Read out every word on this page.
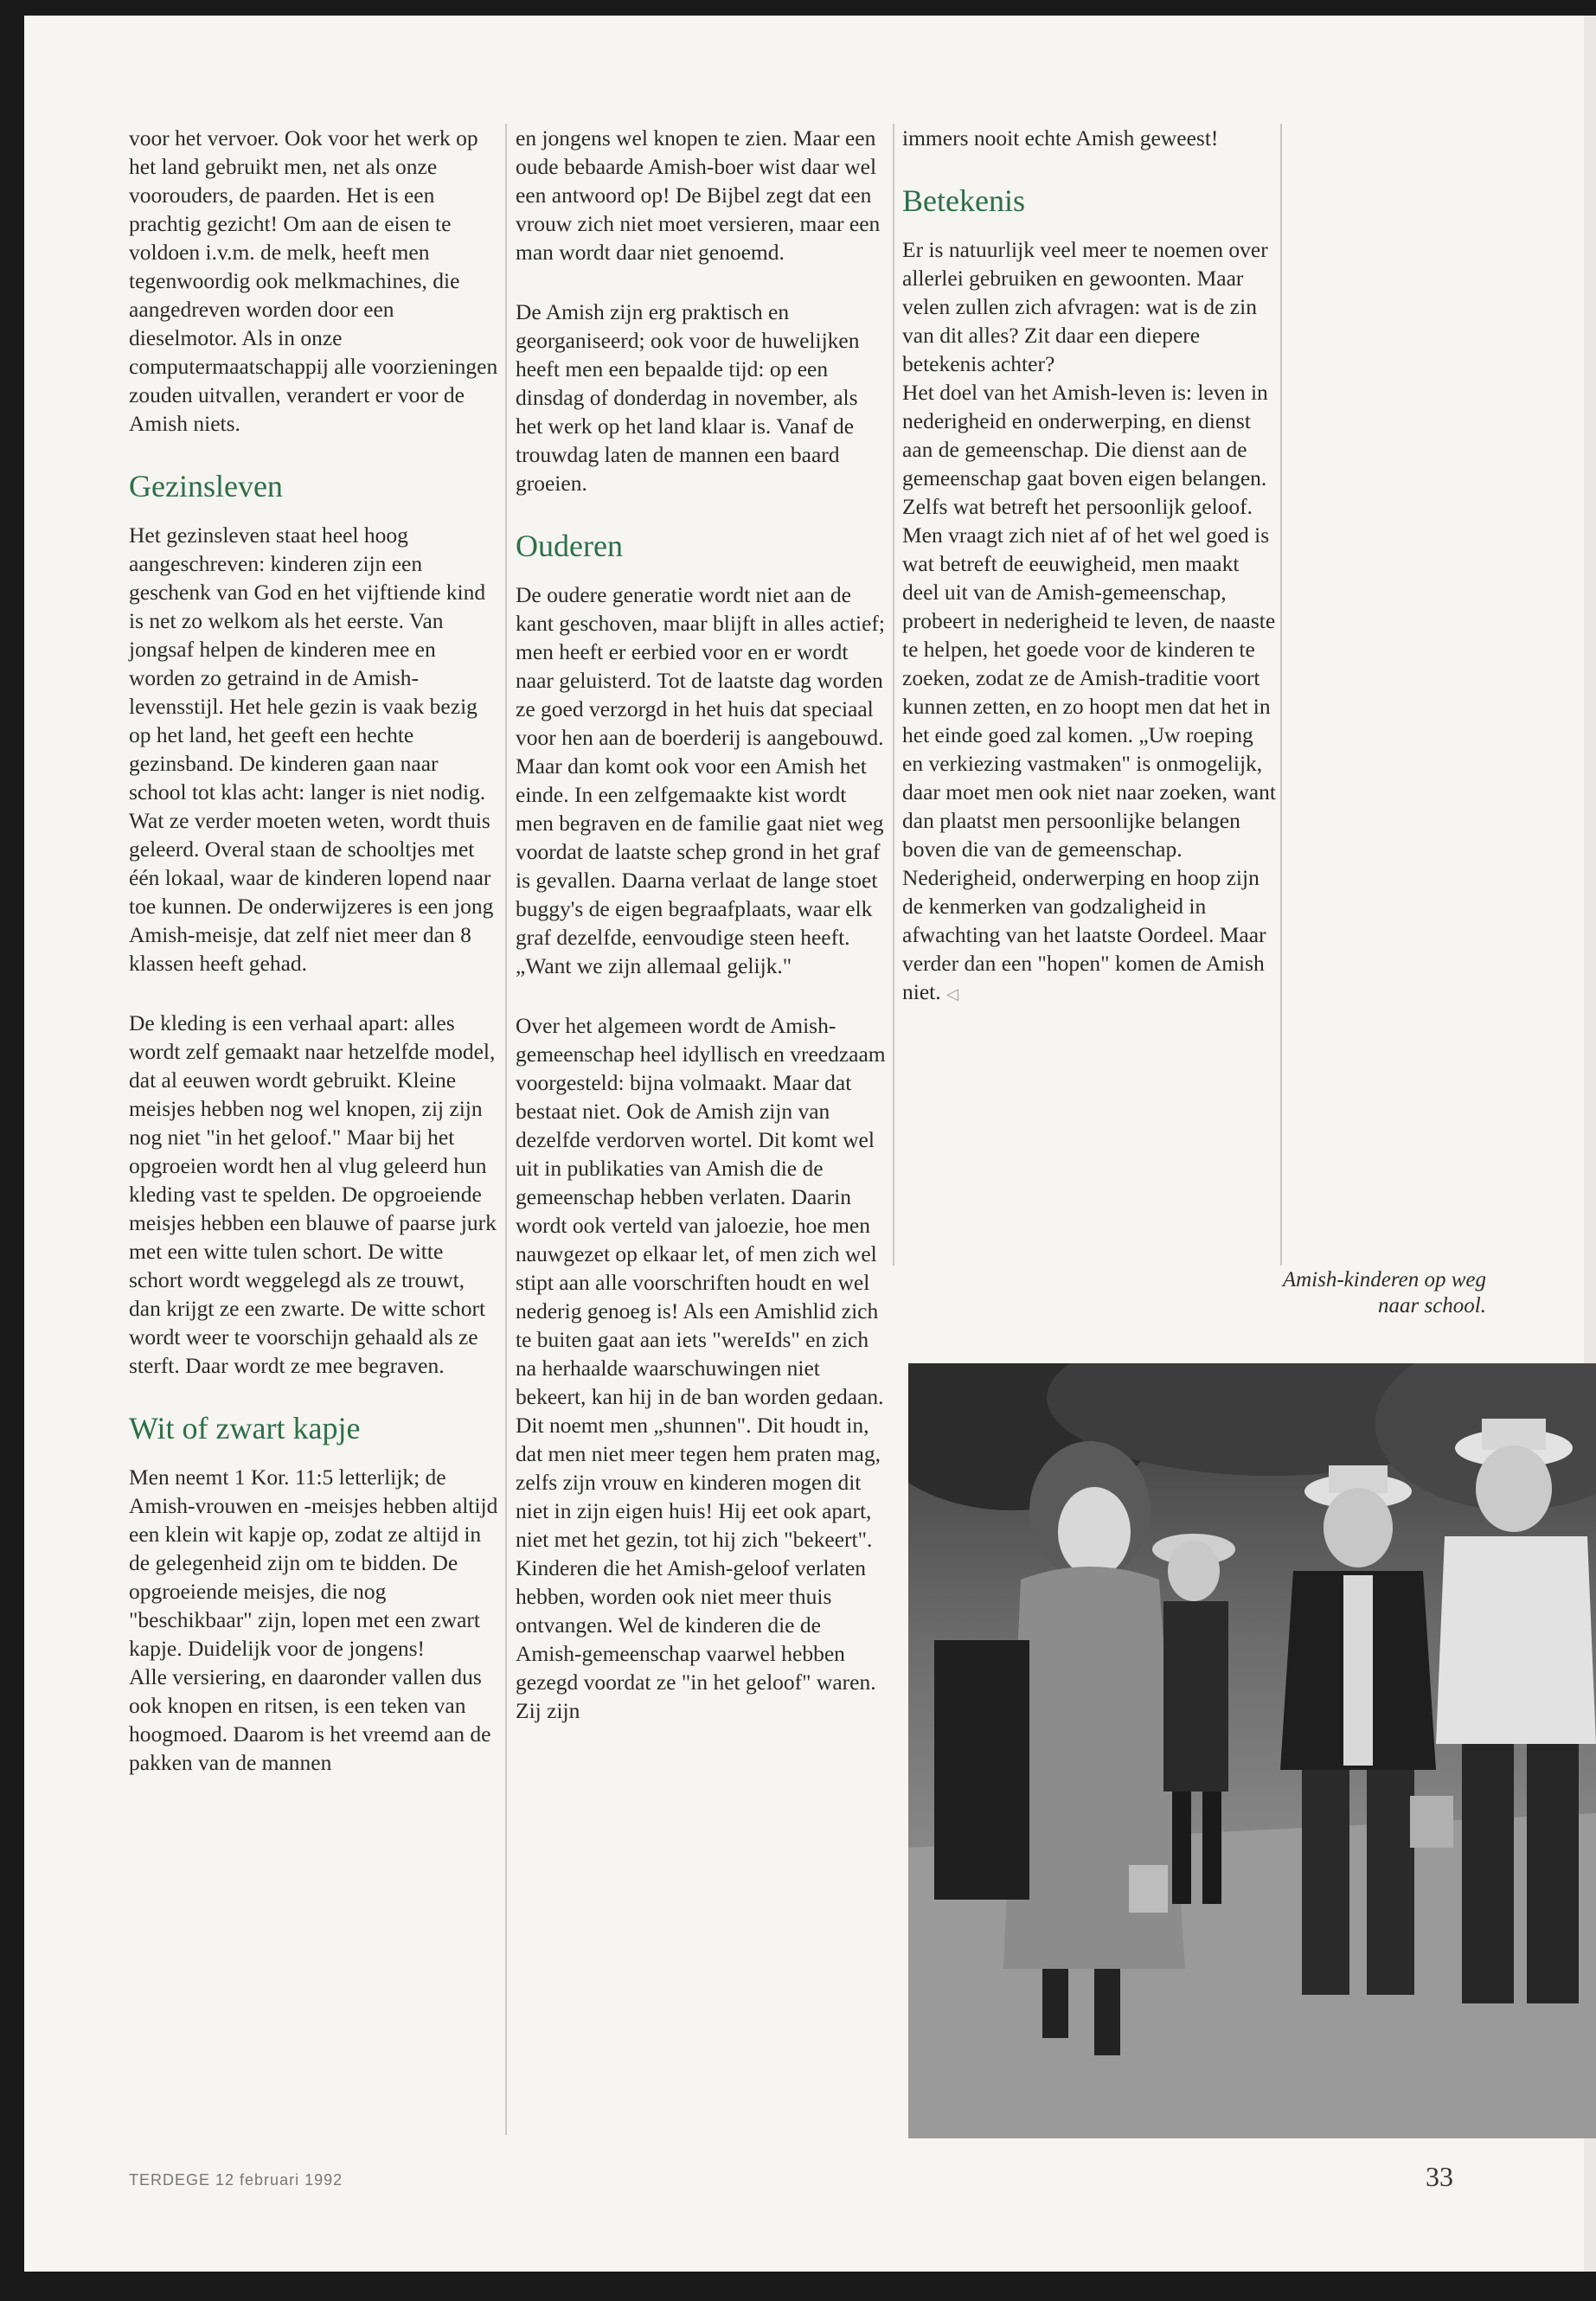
voor het vervoer. Ook voor het werk op het land gebruikt men, net als onze voorouders, de paarden. Het is een prachtig gezicht! Om aan de eisen te voldoen i.v.m. de melk, heeft men tegenwoordig ook melkmachines, die aangedreven worden door een dieselmotor. Als in onze computermaatschappij alle voorzieningen zouden uitvallen, verandert er voor de Amish niets.

Gezinsleven

Het gezinsleven staat heel hoog aangeschreven: kinderen zijn een geschenk van God en het vijftiende kind is net zo welkom als het eerste. Van jongsaf helpen de kinderen mee en worden zo getraind in de Amish-levensstijl. Het hele gezin is vaak bezig op het land, het geeft een hechte gezinsband. De kinderen gaan naar school tot klas acht: langer is niet nodig. Wat ze verder moeten weten, wordt thuis geleerd. Overal staan de schooltjes met één lokaal, waar de kinderen lopend naar toe kunnen. De onderwijzeres is een jong Amish-meisje, dat zelf niet meer dan 8 klassen heeft gehad.

De kleding is een verhaal apart: alles wordt zelf gemaakt naar hetzelfde model, dat al eeuwen wordt gebruikt. Kleine meisjes hebben nog wel knopen, zij zijn nog niet "in het geloof." Maar bij het opgroeien wordt hen al vlug geleerd hun kleding vast te spelden. De opgroeiende meisjes hebben een blauwe of paarse jurk met een witte tulen schort. De witte schort wordt weggelegd als ze trouwt, dan krijgt ze een zwarte. De witte schort wordt weer te voorschijn gehaald als ze sterft. Daar wordt ze mee begraven.

Wit of zwart kapje

Men neemt 1 Kor. 11:5 letterlijk; de Amish-vrouwen en -meisjes hebben altijd een klein wit kapje op, zodat ze altijd in de gelegenheid zijn om te bidden. De opgroeiende meisjes, die nog "beschikbaar" zijn, lopen met een zwart kapje. Duidelijk voor de jongens!

Alle versiering, en daaronder vallen dus ook knopen en ritsen, is een teken van hoogmoed. Daarom is het vreemd aan de pakken van de mannen

en jongens wel knopen te zien. Maar een oude bebaarde Amish-boer wist daar wel een antwoord op! De Bijbel zegt dat een vrouw zich niet moet versieren, maar een man wordt daar niet genoemd.

De Amish zijn erg praktisch en georganiseerd; ook voor de huwelijken heeft men een bepaalde tijd: op een dinsdag of donderdag in november, als het werk op het land klaar is. Vanaf de trouwdag laten de mannen een baard groeien.

Ouderen

De oudere generatie wordt niet aan de kant geschoven, maar blijft in alles actief; men heeft er eerbied voor en er wordt naar geluisterd. Tot de laatste dag worden ze goed verzorgd in het huis dat speciaal voor hen aan de boerderij is aangebouwd. Maar dan komt ook voor een Amish het einde. In een zelfgemaakte kist wordt men begraven en de familie gaat niet weg voordat de laatste schep grond in het graf is gevallen. Daarna verlaat de lange stoet buggy's de eigen begraafplaats, waar elk graf dezelfde, eenvoudige steen heeft. „Want we zijn allemaal gelijk."

Over het algemeen wordt de Amish-gemeenschap heel idyllisch en vreedzaam voorgesteld: bijna volmaakt. Maar dat bestaat niet. Ook de Amish zijn van dezelfde verdorven wortel. Dit komt wel uit in publikaties van Amish die de gemeenschap hebben verlaten. Daarin wordt ook verteld van jaloezie, hoe men nauwgezet op elkaar let, of men zich wel stipt aan alle voorschriften houdt en wel nederig genoeg is! Als een Amishlid zich te buiten gaat aan iets "wereIds" en zich na herhaalde waarschuwingen niet bekeert, kan hij in de ban worden gedaan. Dit noemt men „shunnen". Dit houdt in, dat men niet meer tegen hem praten mag, zelfs zijn vrouw en kinderen mogen dit niet in zijn eigen huis! Hij eet ook apart, niet met het gezin, tot hij zich "bekeert". Kinderen die het Amish-geloof verlaten hebben, worden ook niet meer thuis ontvangen. Wel de kinderen die de Amish-gemeenschap vaarwel hebben gezegd voordat ze "in het geloof" waren. Zij zijn

immers nooit echte Amish geweest!

Betekenis

Er is natuurlijk veel meer te noemen over allerlei gebruiken en gewoonten. Maar velen zullen zich afvragen: wat is de zin van dit alles? Zit daar een diepere betekenis achter?

Het doel van het Amish-leven is: leven in nederigheid en onderwerping, en dienst aan de gemeenschap. Die dienst aan de gemeenschap gaat boven eigen belangen. Zelfs wat betreft het persoonlijk geloof. Men vraagt zich niet af of het wel goed is wat betreft de eeuwigheid, men maakt deel uit van de Amish-gemeenschap, probeert in nederigheid te leven, de naaste te helpen, het goede voor de kinderen te zoeken, zodat ze de Amish-traditie voort kunnen zetten, en zo hoopt men dat het in het einde goed zal komen. „Uw roeping en verkiezing vastmaken" is onmogelijk, daar moet men ook niet naar zoeken, want dan plaatst men persoonlijke belangen boven die van de gemeenschap. Nederigheid, onderwerping en hoop zijn de kenmerken van godzaligheid in afwachting van het laatste Oordeel. Maar verder dan een "hopen" komen de Amish niet. ◁

Amish-kinderen op weg naar school.
TERDEGE 12 februari 1992	33
